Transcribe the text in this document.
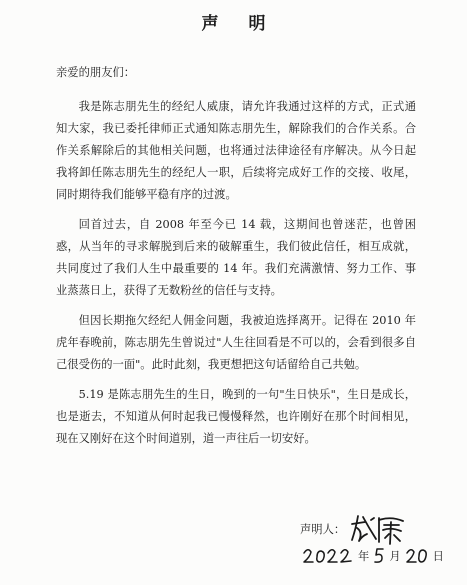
声 明

亲爱的朋友们：

我是陈志朋先生的经纪人威康，请允许我通过这样的方式，正式通知大家，我已委托律师正式通知陈志朋先生，解除我们的合作关系。合作关系解除后的其他相关问题，也将通过法律途径有序解决。从今日起我将卸任陈志朋先生的经纪人一职，后续将完成好工作的交接、收尾，同时期待我们能够平稳有序的过渡。

回首过去，自 2008 年至今已 14 载，这期间也曾迷茫，也曾困惑，从当年的寻求解脱到后来的破解重生，我们彼此信任，相互成就，共同度过了我们人生中最重要的 14 年。我们充满激情、努力工作、事业蒸蒸日上，获得了无数粉丝的信任与支持。

但因长期拖欠经纪人佣金问题，我被迫选择离开。记得在 2010 年虎年春晚前，陈志朋先生曾说过"人生往回看是不可以的，会看到很多自己很受伤的一面"。此时此刻，我更想把这句话留给自己共勉。

5.19 是陈志朋先生的生日，晚到的一句"生日快乐"，生日是成长，也是逝去，不知道从何时起我已慢慢释然，也许刚好在那个时间相见，现在又刚好在这个时间道别，道一声往后一切安好。

声明人：
年 月	日
